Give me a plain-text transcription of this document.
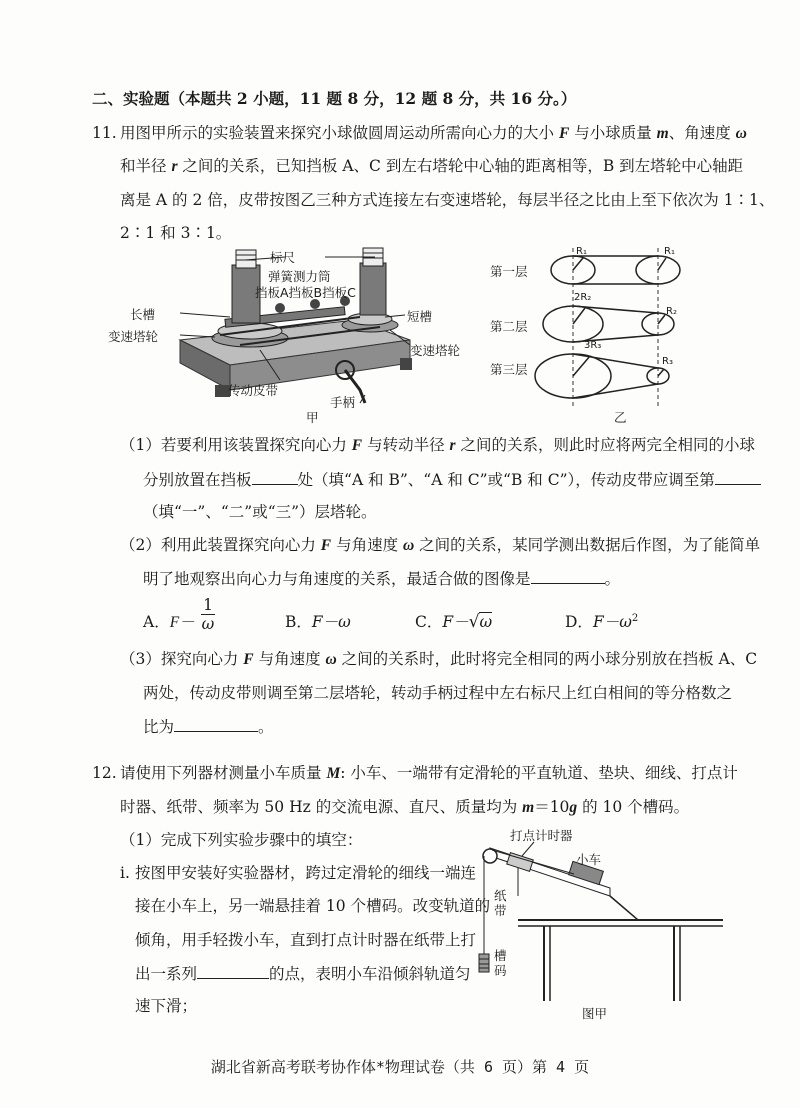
二、实验题（本题共 2 小题，11 题 8 分，12 题 8 分，共 16 分。）
11. 用图甲所示的实验装置来探究小球做圆周运动所需向心力的大小 F 与小球质量 m、角速度 ω
和半径 r 之间的关系，已知挡板 A、C 到左右塔轮中心轴的距离相等，B 到左塔轮中心轴距
离是 A 的 2 倍，皮带按图乙三种方式连接左右变速塔轮，每层半径之比由上至下依次为 1∶1、
2∶1 和 3∶1。
标尺
弹簧测力筒
挡板A挡板B挡板C
长槽
变速塔轮
短槽
变速塔轮
传动皮带
手柄
甲
第一层
第二层
第三层
R₁	R₁
2R₂
R₂
3R₃
R₃
乙
（1）若要利用该装置探究向心力 F 与转动半径 r 之间的关系，则此时应将两完全相同的小球
分别放置在挡板	处（填“A 和 B”、“A 和 C”或“B 和 C”），传动皮带应调至第
（填“一”、“二”或“三”）层塔轮。
（2）利用此装置探究向心力 F 与角速度 ω 之间的关系，某同学测出数据后作图，为了能简单
明了地观察出向心力与角速度的关系，最适合做的图像是	。
A．F－
1
ω	B．F－ω	C．F－√ω	D．$F-\omega^2$
（3）探究向心力 F 与角速度 ω 之间的关系时，此时将完全相同的两小球分别放在挡板 A、C
两处，传动皮带则调至第二层塔轮，转动手柄过程中左右标尺上红白相间的等分格数之
比为	。
12. 请使用下列器材测量小车质量 M: 小车、一端带有定滑轮的平直轨道、垫块、细线、打点计
时器、纸带、频率为 50 Hz 的交流电源、直尺、质量均为 m＝10g 的 10 个槽码。
（1）完成下列实验步骤中的填空：
i. 按图甲安装好实验器材，跨过定滑轮的细线一端连
接在小车上，另一端悬挂着 10 个槽码。改变轨道的
倾角，用手轻拨小车，直到打点计时器在纸带上打
出一系列	的点，表明小车沿倾斜轨道匀
速下滑；
打点计时器
小车
纸带
槽码
图甲
湖北省新高考联考协作体*物理试卷（共 6 页）第 4 页
